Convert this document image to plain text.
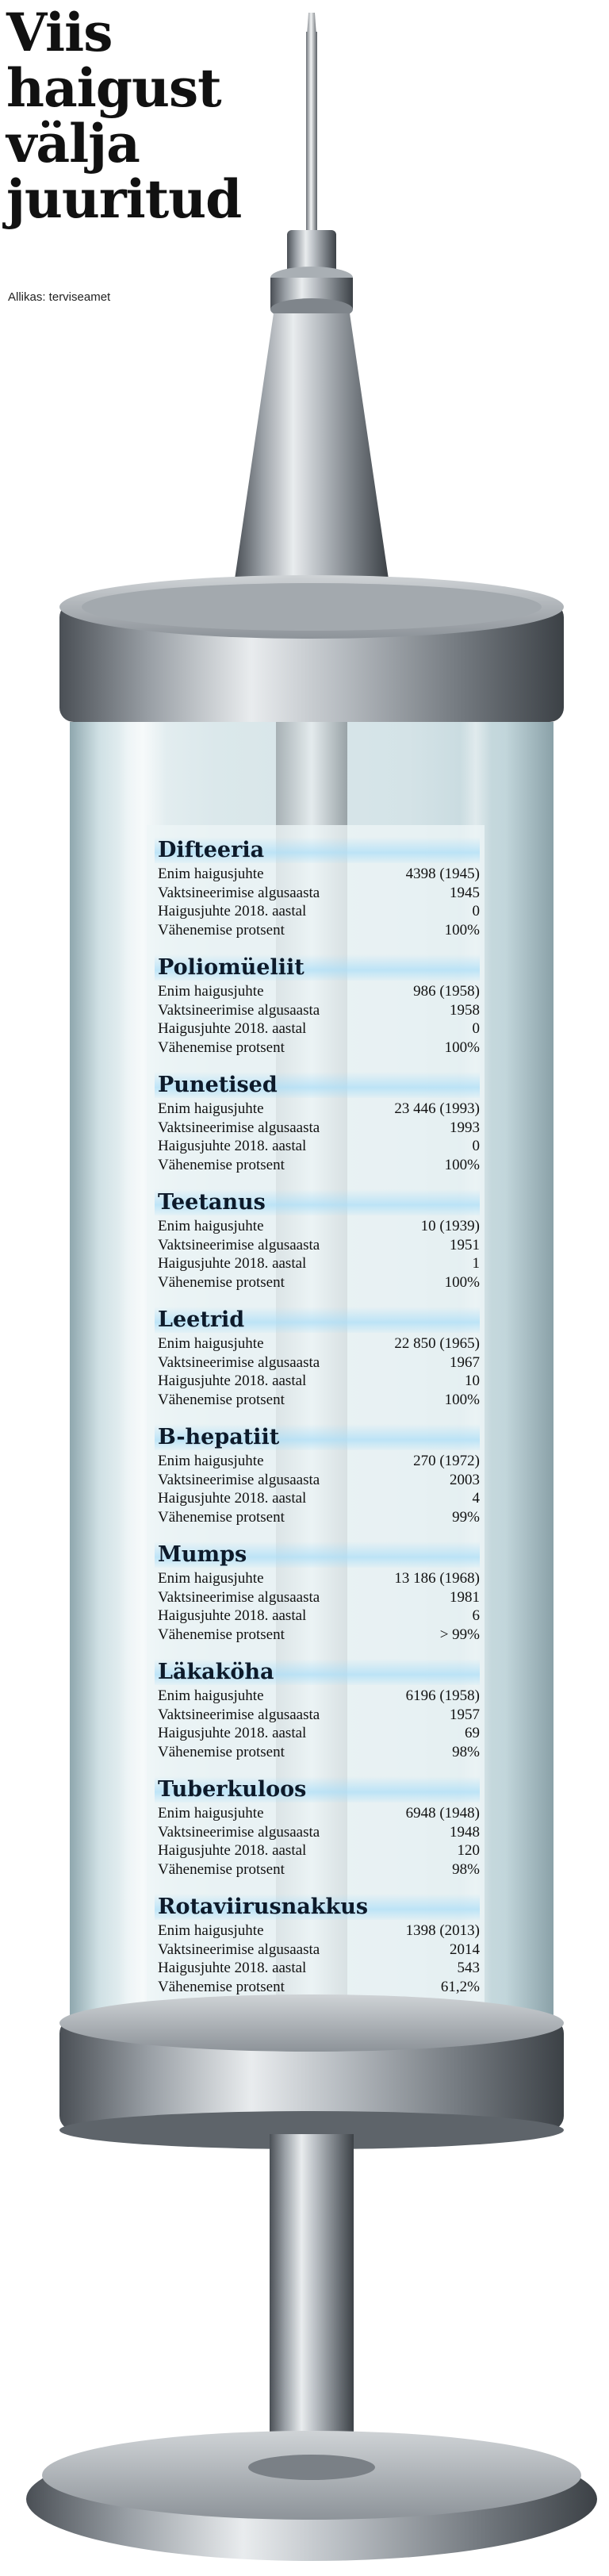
Viis
haigust
välja
juuritud
Allikas: terviseamet
Difteeria
Enim haigusjuhte	4398 (1945)
Vaktsineerimise algusaasta	1945
Haigusjuhte 2018. aastal	0
Vähenemise protsent	100%
Poliomüeliit
Enim haigusjuhte	986 (1958)
Vaktsineerimise algusaasta	1958
Haigusjuhte 2018. aastal	0
Vähenemise protsent	100%
Punetised
Enim haigusjuhte	23 446 (1993)
Vaktsineerimise algusaasta	1993
Haigusjuhte 2018. aastal	0
Vähenemise protsent	100%
Teetanus
Enim haigusjuhte	10 (1939)
Vaktsineerimise algusaasta	1951
Haigusjuhte 2018. aastal	1
Vähenemise protsent	100%
Leetrid
Enim haigusjuhte	22 850 (1965)
Vaktsineerimise algusaasta	1967
Haigusjuhte 2018. aastal	10
Vähenemise protsent	100%
B-hepatiit
Enim haigusjuhte	270 (1972)
Vaktsineerimise algusaasta	2003
Haigusjuhte 2018. aastal	4
Vähenemise protsent	99%
Mumps
Enim haigusjuhte	13 186 (1968)
Vaktsineerimise algusaasta	1981
Haigusjuhte 2018. aastal	6
Vähenemise protsent	> 99%
Läkaköha
Enim haigusjuhte	6196 (1958)
Vaktsineerimise algusaasta	1957
Haigusjuhte 2018. aastal	69
Vähenemise protsent	98%
Tuberkuloos
Enim haigusjuhte	6948 (1948)
Vaktsineerimise algusaasta	1948
Haigusjuhte 2018. aastal	120
Vähenemise protsent	98%
Rotaviirusnakkus
Enim haigusjuhte	1398 (2013)
Vaktsineerimise algusaasta	2014
Haigusjuhte 2018. aastal	543
Vähenemise protsent	61,2%
